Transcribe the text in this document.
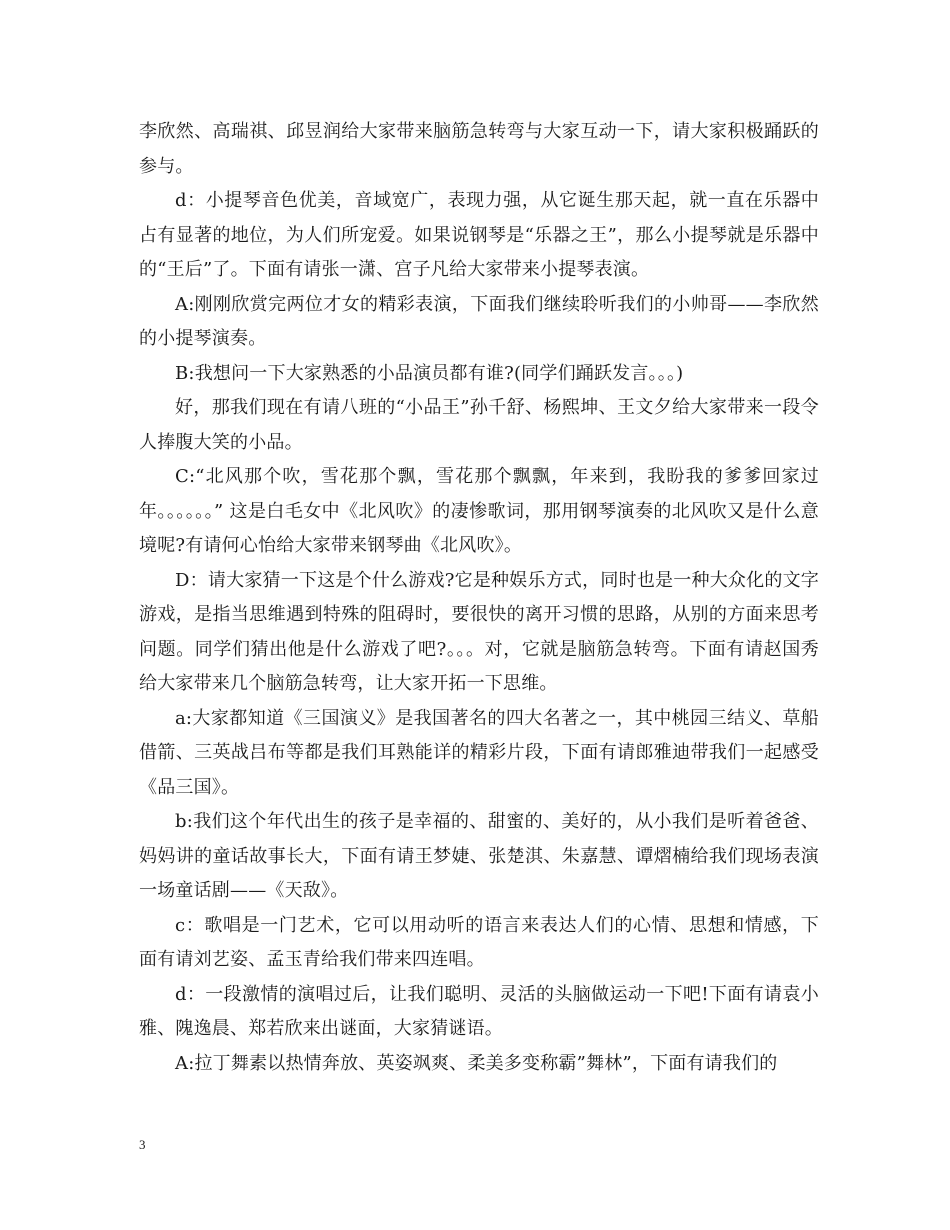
李欣然、高瑞祺、邱昱润给大家带来脑筋急转弯与大家互动一下，请大家积极踊跃的参与。

d：小提琴音色优美，音域宽广，表现力强，从它诞生那天起，就一直在乐器中占有显著的地位，为人们所宠爱。如果说钢琴是“乐器之王”，那么小提琴就是乐器中的“王后”了。下面有请张一潇、宫子凡给大家带来小提琴表演。

A:刚刚欣赏完两位才女的精彩表演，下面我们继续聆听我们的小帅哥——李欣然的小提琴演奏。

B:我想问一下大家熟悉的小品演员都有谁?(同学们踊跃发言。。。)

好，那我们现在有请八班的“小品王”孙千舒、杨熙坤、王文夕给大家带来一段令人捧腹大笑的小品。

C:“北风那个吹，雪花那个飘，雪花那个飘飘，年来到，我盼我的爹爹回家过年。。。。。。” 这是白毛女中《北风吹》的凄惨歌词，那用钢琴演奏的北风吹又是什么意境呢?有请何心怡给大家带来钢琴曲《北风吹》。

D：请大家猜一下这是个什么游戏?它是种娱乐方式，同时也是一种大众化的文字游戏，是指当思维遇到特殊的阻碍时，要很快的离开习惯的思路，从别的方面来思考问题。同学们猜出他是什么游戏了吧?。。。对，它就是脑筋急转弯。下面有请赵国秀给大家带来几个脑筋急转弯，让大家开拓一下思维。

a:大家都知道《三国演义》是我国著名的四大名著之一，其中桃园三结义、草船借箭、三英战吕布等都是我们耳熟能详的精彩片段，下面有请郎雅迪带我们一起感受《品三国》。

b:我们这个年代出生的孩子是幸福的、甜蜜的、美好的，从小我们是听着爸爸、妈妈讲的童话故事长大，下面有请王梦婕、张楚淇、朱嘉慧、谭熠楠给我们现场表演一场童话剧——《天敌》。

c：歌唱是一门艺术，它可以用动听的语言来表达人们的心情、思想和情感，下面有请刘艺姿、孟玉青给我们带来四连唱。

d：一段激情的演唱过后，让我们聪明、灵活的头脑做运动一下吧!下面有请袁小雅、隗逸晨、郑若欣来出谜面，大家猜谜语。

A:拉丁舞素以热情奔放、英姿飒爽、柔美多变称霸”舞林”，下面有请我们的

3
